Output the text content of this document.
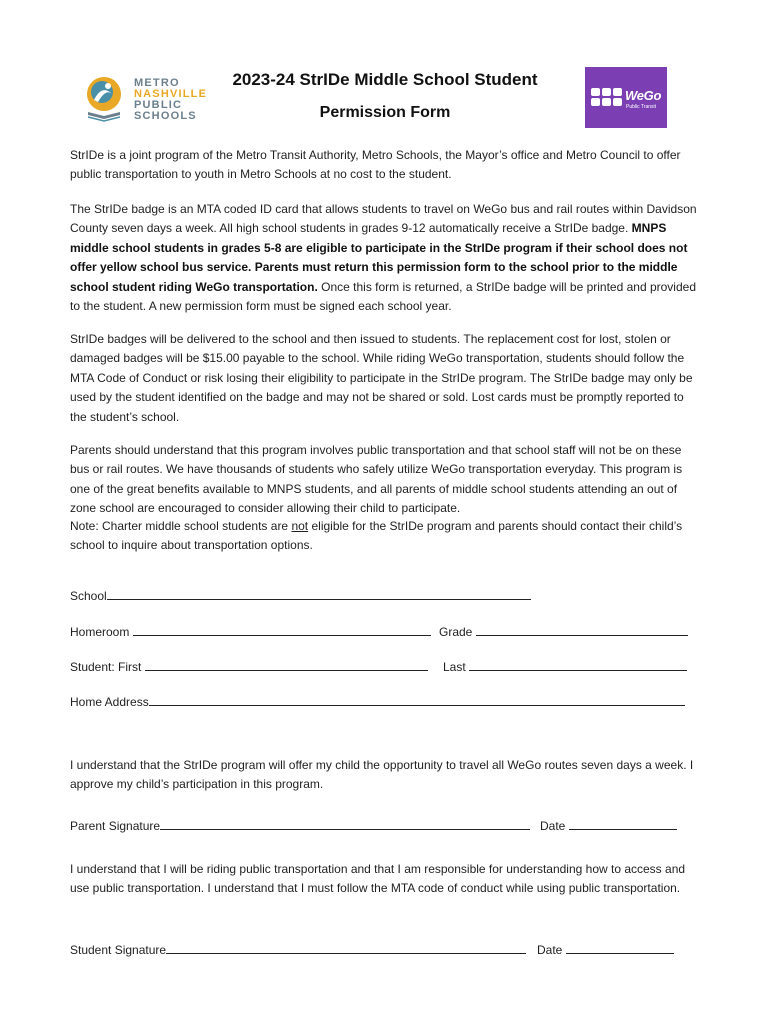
METRO
NASHVILLE
PUBLIC
SCHOOLS
2023-24 StrIDe Middle School Student
Permission Form
WeGo
Public Transit

StrIDe is a joint program of the Metro Transit Authority, Metro Schools, the Mayor’s office and Metro Council to offer public transportation to youth in Metro Schools at no cost to the student.

The StrIDe badge is an MTA coded ID card that allows students to travel on WeGo bus and rail routes within Davidson County seven days a week. All high school students in grades 9-12 automatically receive a StrIDe badge. MNPS middle school students in grades 5-8 are eligible to participate in the StrIDe program if their school does not offer yellow school bus service. Parents must return this permission form to the school prior to the middle school student riding WeGo transportation. Once this form is returned, a StrIDe badge will be printed and provided to the student. A new permission form must be signed each school year.

StrIDe badges will be delivered to the school and then issued to students. The replacement cost for lost, stolen or damaged badges will be $15.00 payable to the school. While riding WeGo transportation, students should follow the MTA Code of Conduct or risk losing their eligibility to participate in the StrIDe program. The StrIDe badge may only be used by the student identified on the badge and may not be shared or sold. Lost cards must be promptly reported to the student’s school.

Parents should understand that this program involves public transportation and that school staff will not be on these bus or rail routes. We have thousands of students who safely utilize WeGo transportation everyday. This program is one of the great benefits available to MNPS students, and all parents of middle school students attending an out of zone school are encouraged to consider allowing their child to participate.

Note: Charter middle school students are not eligible for the StrIDe program and parents should contact their child’s school to inquire about transportation options.

School
Homeroom	Grade
Student: First	Last
Home Address

I understand that the StrIDe program will offer my child the opportunity to travel all WeGo routes seven days a week. I approve my child’s participation in this program.

Parent Signature	Date

I understand that I will be riding public transportation and that I am responsible for understanding how to access and use public transportation. I understand that I must follow the MTA code of conduct while using public transportation.

Student Signature	Date
